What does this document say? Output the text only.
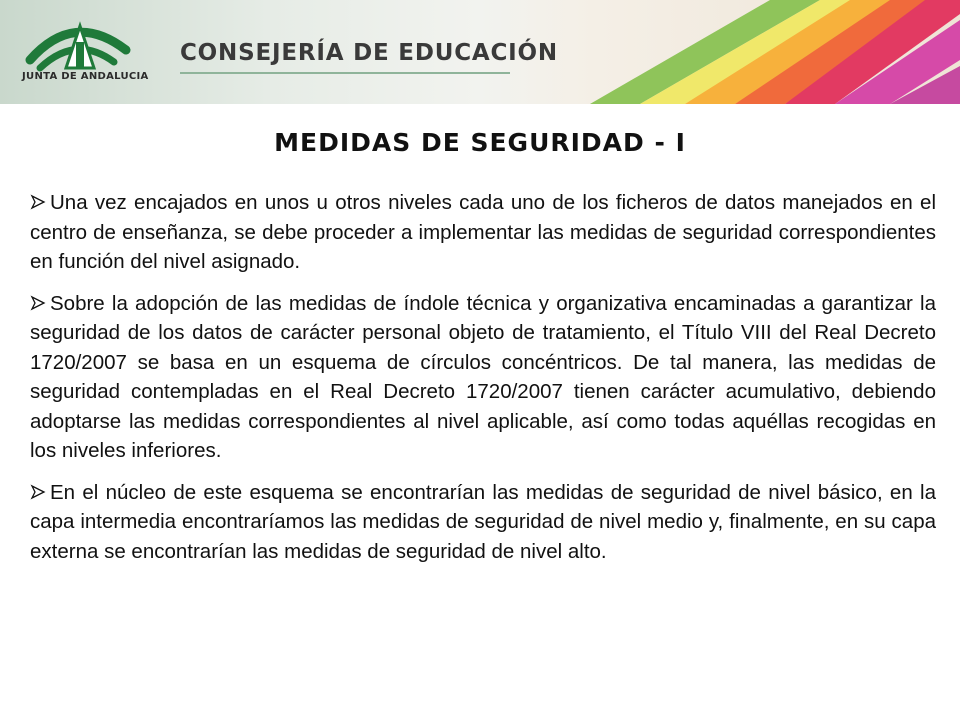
JUNTA DE ANDALUCIA
CONSEJERÍA DE EDUCACIÓN
MEDIDAS DE SEGURIDAD - I

Una vez encajados en unos u otros niveles cada uno de los ficheros de datos manejados en el centro de enseñanza, se debe proceder a implementar las medidas de seguridad correspondientes en función del nivel asignado.

Sobre la adopción de las medidas de índole técnica y organizativa encaminadas a garantizar la seguridad de los datos de carácter personal objeto de tratamiento, el Título VIII del Real Decreto 1720/2007 se basa en un esquema de círculos concéntricos. De tal manera, las medidas de seguridad contempladas en el Real Decreto 1720/2007 tienen carácter acumulativo, debiendo adoptarse las medidas correspondientes al nivel aplicable, así como todas aquéllas recogidas en los niveles inferiores.

En el núcleo de este esquema se encontrarían las medidas de seguridad de nivel básico, en la capa intermedia encontraríamos las medidas de seguridad de nivel medio y, finalmente, en su capa externa se encontrarían las medidas de seguridad de nivel alto.
